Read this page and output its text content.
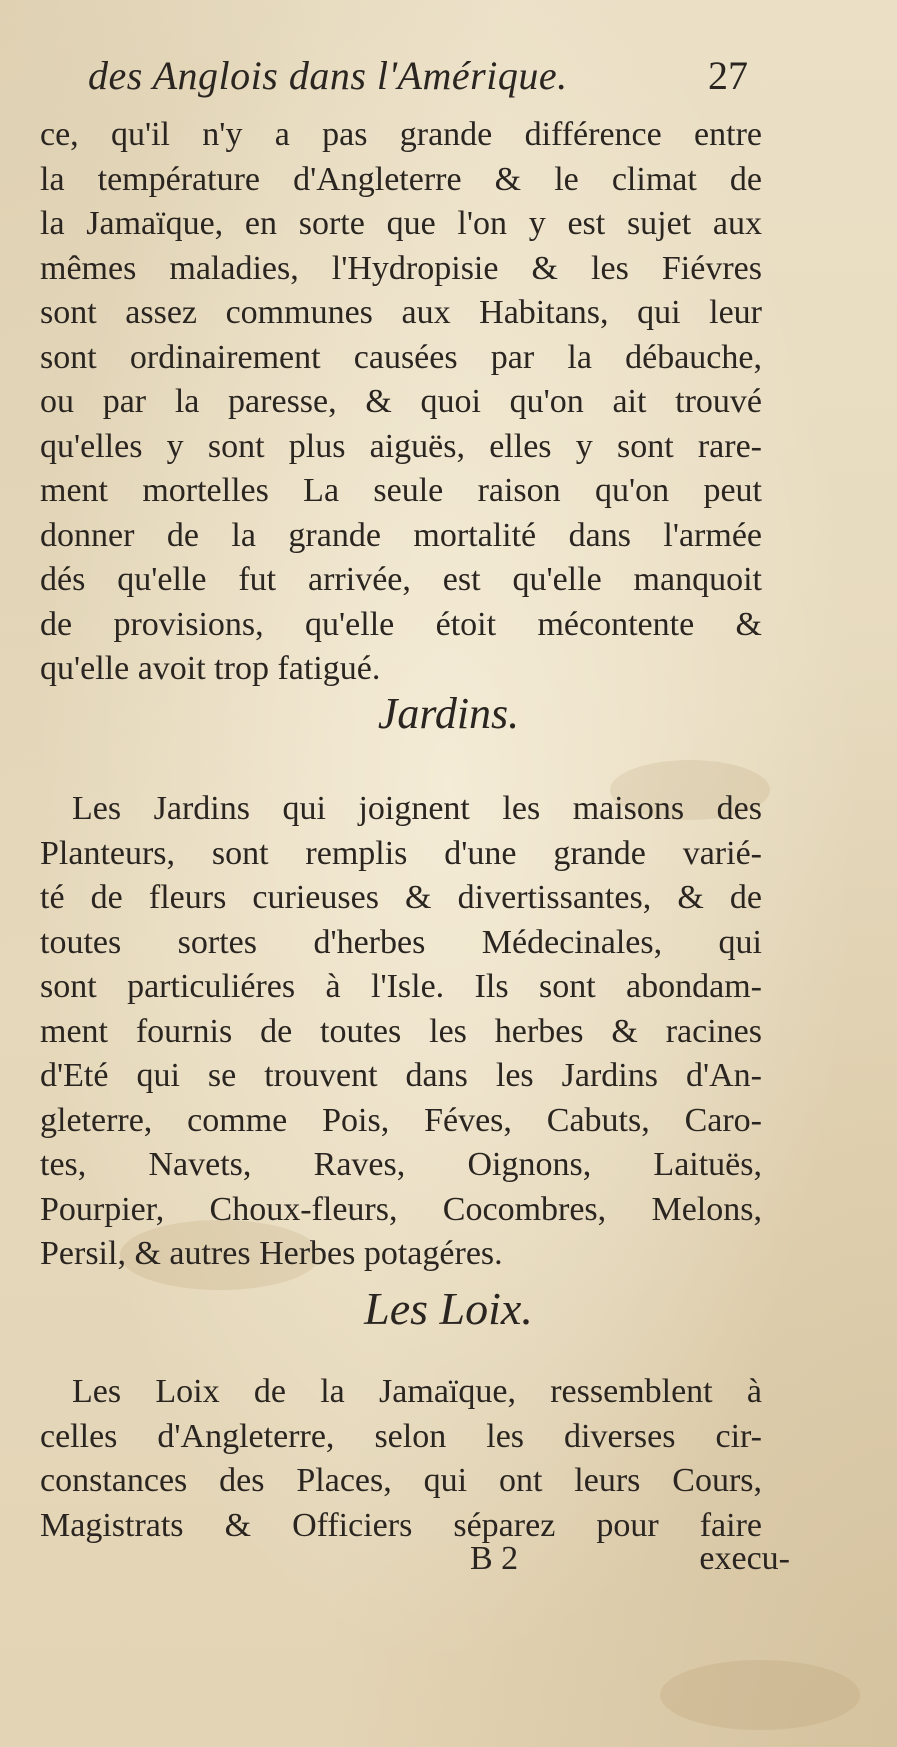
des Anglois dans l'Amérique.	27
ce, qu'il n'y a pas grande différence entre
la température d'Angleterre & le climat de
la Jamaïque, en sorte que l'on y est sujet aux
mêmes maladies, l'Hydropisie & les Fiévres
sont assez communes aux Habitans, qui leur
sont ordinairement causées par la débauche,
ou par la paresse, & quoi qu'on ait trouvé
qu'elles y sont plus aiguës, elles y sont rare-
ment mortelles La seule raison qu'on peut
donner de la grande mortalité dans l'armée
dés qu'elle fut arrivée, est qu'elle manquoit
de provisions, qu'elle étoit mécontente &
qu'elle avoit trop fatigué.
Jardins.
Les Jardins qui joignent les maisons des
Planteurs, sont remplis d'une grande varié-
té de fleurs curieuses & divertissantes, & de
toutes sortes d'herbes Médecinales, qui
sont particuliéres à l'Isle. Ils sont abondam-
ment fournis de toutes les herbes & racines
d'Eté qui se trouvent dans les Jardins d'An-
gleterre, comme Pois, Féves, Cabuts, Caro-
tes, Navets, Raves, Oignons, Laituës,
Pourpier, Choux-fleurs, Cocombres, Melons,
Persil, & autres Herbes potagéres.
Les Loix.
Les Loix de la Jamaïque, ressemblent à
celles d'Angleterre, selon les diverses cir-
constances des Places, qui ont leurs Cours,
Magistrats & Officiers séparez pour faire
B 2	execu-
